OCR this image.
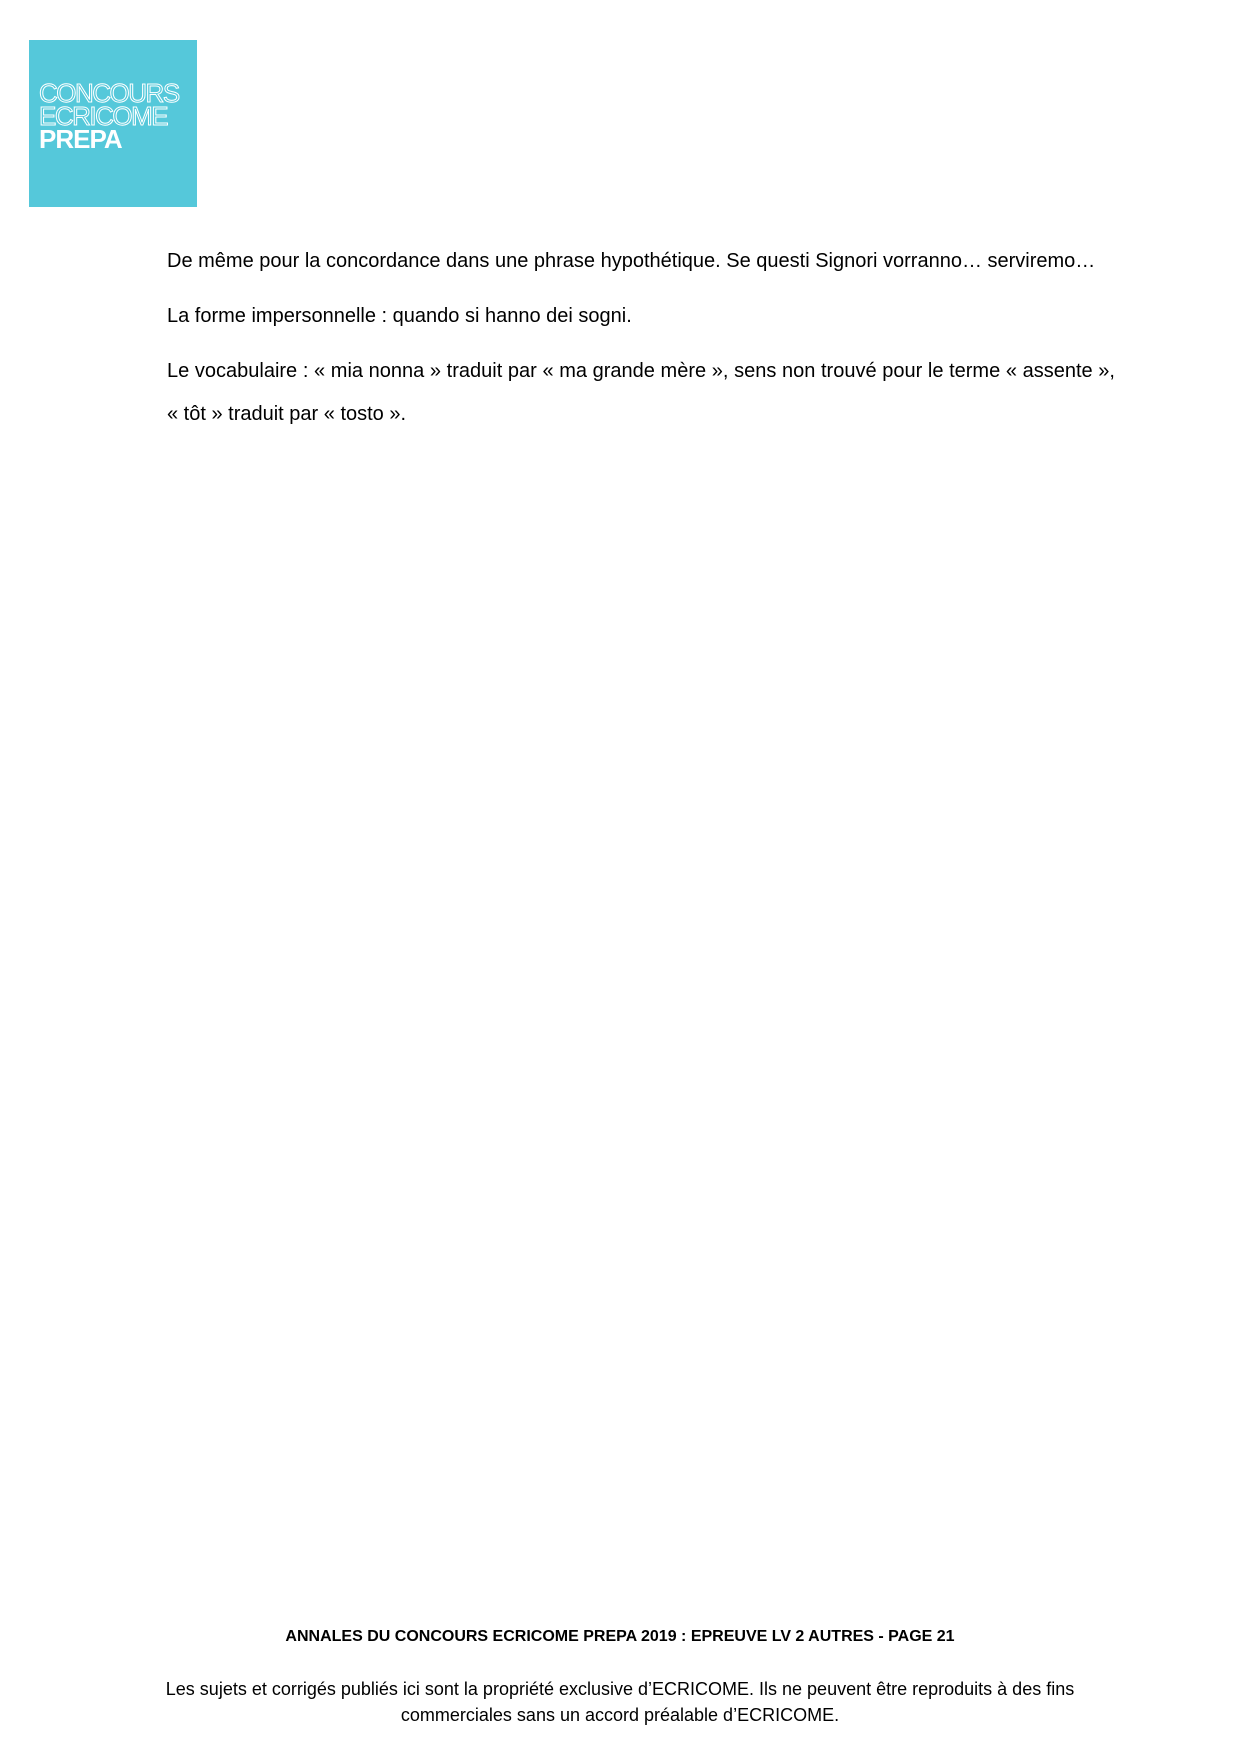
CONCOURS
ECRICOME
PREPA

De même pour la concordance dans une phrase hypothétique. Se questi Signori vorranno… serviremo…

La forme impersonnelle : quando si hanno dei sogni.

Le vocabulaire : « mia nonna » traduit par « ma grande mère », sens non trouvé pour le terme « assente », « tôt » traduit par « tosto ».

ANNALES DU CONCOURS ECRICOME PREPA 2019 : EPREUVE LV 2 AUTRES - PAGE 21
Les sujets et corrigés publiés ici sont la propriété exclusive d’ECRICOME. Ils ne peuvent être reproduits à des fins commerciales sans un accord préalable d’ECRICOME.
